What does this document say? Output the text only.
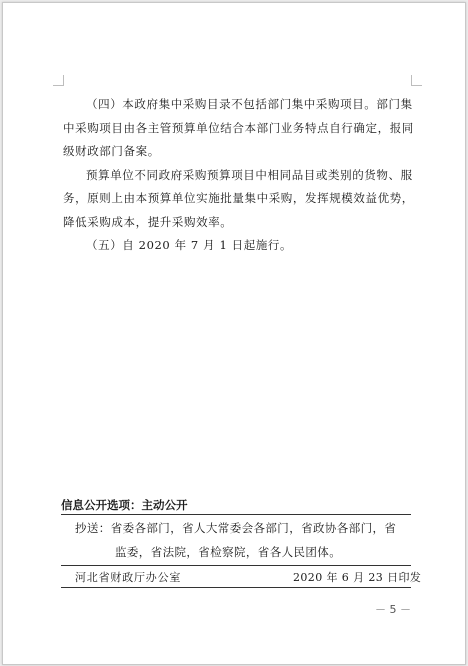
（四）本政府集中采购目录不包括部门集中采购项目。部门集中采购项目由各主管预算单位结合本部门业务特点自行确定，报同级财政部门备案。

预算单位不同政府采购预算项目中相同品目或类别的货物、服务，原则上由本预算单位实施批量集中采购，发挥规模效益优势，降低采购成本，提升采购效率。

（五）自 2020 年 7 月 1 日起施行。

信息公开选项：主动公开
抄送：省委各部门，省人大常委会各部门，省政协各部门，省
监委，省法院，省检察院，省各人民团体。
河北省财政厅办公室	2020 年 6 月 23 日印发
－ 5 －
